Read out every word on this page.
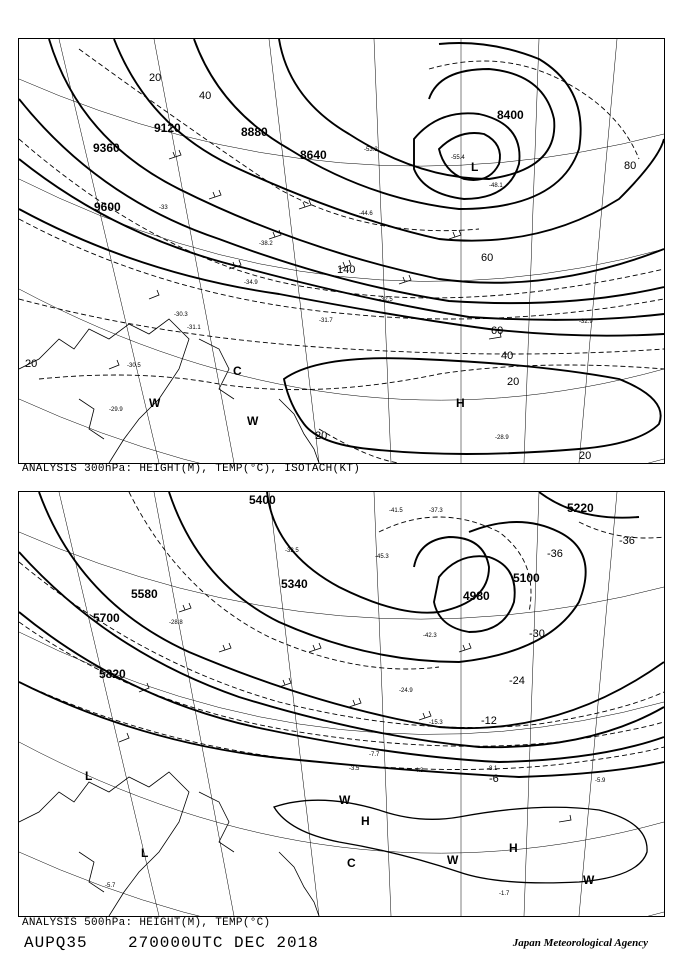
-33
-31.1
-30.5
-29.9
-28.9
-38.2
-44.6
-34.9
-32.5
-31.7	-32.9
-30.3
-53.3
-48.1
-55.4
9120	8880
8640
8400
9360
9600
20
40
60
80
140
20
20
40
60
20
20
H
L
C
W
W
ANALYSIS 300hPa: HEIGHT(M), TEMP(°C), ISOTACH(KT)
-5.9
-1.7
-3.5	-8.1
-7.7
-4.3
-15.3
-24.9
-37.3
-32.5
-28.8
-41.5
-45.3
-42.3
-5.7
5400
5340
5580
5700
5820
5220
5100
4980
-36
-36
-30
-24
-12
-6
H
H
L
L
C
W
W
W
ANALYSIS 500hPa: HEIGHT(M), TEMP(°C)
AUPQ35	270000UTC DEC 2018	Japan Meteorological Agency
